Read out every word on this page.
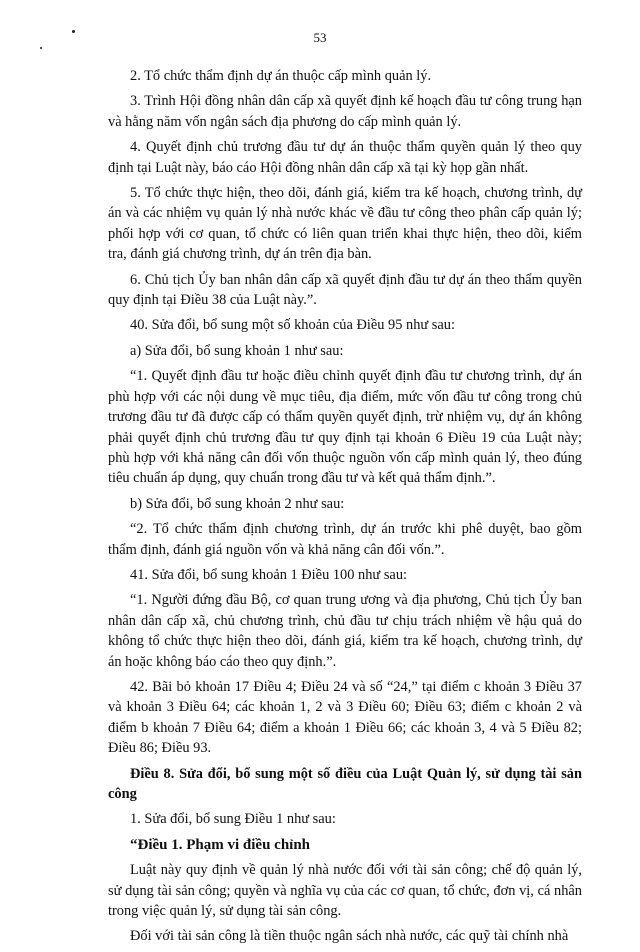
53

2. Tổ chức thẩm định dự án thuộc cấp mình quản lý.

3. Trình Hội đồng nhân dân cấp xã quyết định kế hoạch đầu tư công trung hạn và hằng năm vốn ngân sách địa phương do cấp mình quản lý.

4. Quyết định chủ trương đầu tư dự án thuộc thẩm quyền quản lý theo quy định tại Luật này, báo cáo Hội đồng nhân dân cấp xã tại kỳ họp gần nhất.

5. Tổ chức thực hiện, theo dõi, đánh giá, kiểm tra kế hoạch, chương trình, dự án và các nhiệm vụ quản lý nhà nước khác về đầu tư công theo phân cấp quản lý; phối hợp với cơ quan, tổ chức có liên quan triển khai thực hiện, theo dõi, kiểm tra, đánh giá chương trình, dự án trên địa bàn.

6. Chủ tịch Ủy ban nhân dân cấp xã quyết định đầu tư dự án theo thẩm quyền quy định tại Điều 38 của Luật này.”.

40. Sửa đổi, bổ sung một số khoản của Điều 95 như sau:

a) Sửa đổi, bổ sung khoản 1 như sau:

“1. Quyết định đầu tư hoặc điều chỉnh quyết định đầu tư chương trình, dự án phù hợp với các nội dung về mục tiêu, địa điểm, mức vốn đầu tư công trong chủ trương đầu tư đã được cấp có thẩm quyền quyết định, trừ nhiệm vụ, dự án không phải quyết định chủ trương đầu tư quy định tại khoản 6 Điều 19 của Luật này; phù hợp với khả năng cân đối vốn thuộc nguồn vốn cấp mình quản lý, theo đúng tiêu chuẩn áp dụng, quy chuẩn trong đầu tư và kết quả thẩm định.”.

b) Sửa đổi, bổ sung khoản 2 như sau:

“2. Tổ chức thẩm định chương trình, dự án trước khi phê duyệt, bao gồm thẩm định, đánh giá nguồn vốn và khả năng cân đối vốn.”.

41. Sửa đổi, bổ sung khoản 1 Điều 100 như sau:

“1. Người đứng đầu Bộ, cơ quan trung ương và địa phương, Chủ tịch Ủy ban nhân dân cấp xã, chủ chương trình, chủ đầu tư chịu trách nhiệm về hậu quả do không tổ chức thực hiện theo dõi, đánh giá, kiểm tra kế hoạch, chương trình, dự án hoặc không báo cáo theo quy định.”.

42. Bãi bỏ khoản 17 Điều 4; Điều 24 và số “24,” tại điểm c khoản 3 Điều 37 và khoản 3 Điều 64; các khoản 1, 2 và 3 Điều 60; Điều 63; điểm c khoản 2 và điểm b khoản 7 Điều 64; điểm a khoản 1 Điều 66; các khoản 3, 4 và 5 Điều 82; Điều 86; Điều 93.

Điều 8. Sửa đổi, bổ sung một số điều của Luật Quản lý, sử dụng tài sản công

1. Sửa đổi, bổ sung Điều 1 như sau:

“Điều 1. Phạm vi điều chỉnh

Luật này quy định về quản lý nhà nước đối với tài sản công; chế độ quản lý, sử dụng tài sản công; quyền và nghĩa vụ của các cơ quan, tổ chức, đơn vị, cá nhân trong việc quản lý, sử dụng tài sản công.

Đối với tài sản công là tiền thuộc ngân sách nhà nước, các quỹ tài chính nhà
